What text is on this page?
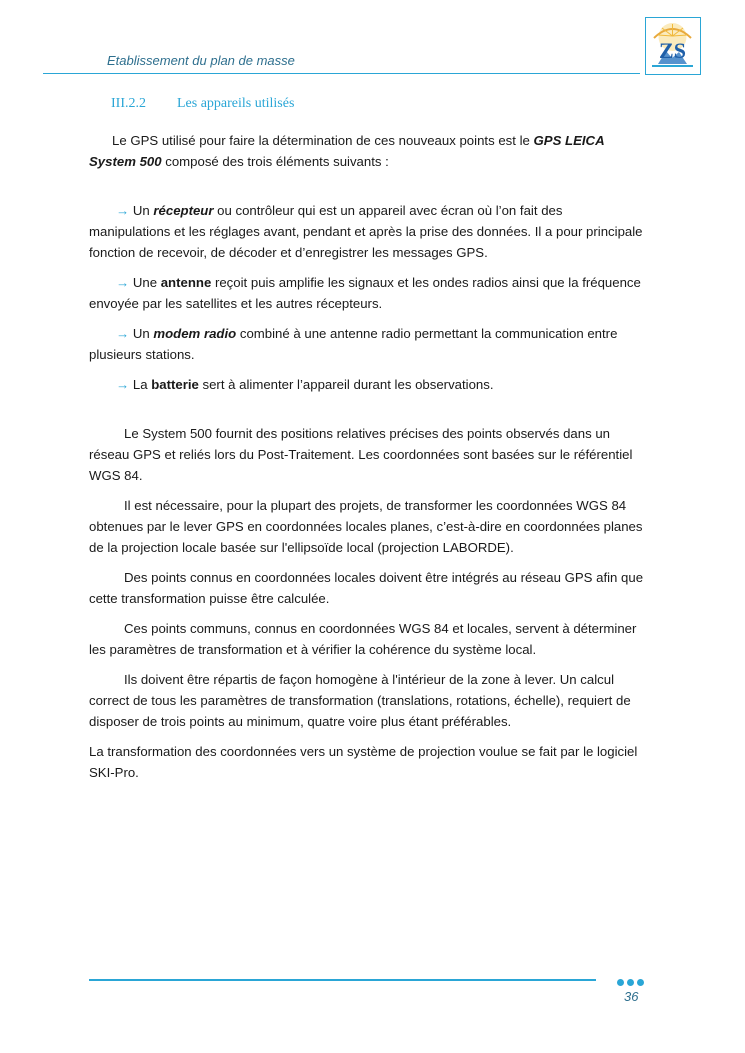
Etablissement du plan de masse	ZS
III.2.2 Les appareils utilisés

Le GPS utilisé pour faire la détermination de ces nouveaux points est le GPS LEICA System 500 composé des trois éléments suivants :

→ Un récepteur ou contrôleur qui est un appareil avec écran où l’on fait des manipulations et les réglages avant, pendant et après la prise des données. Il a pour principale fonction de recevoir, de décoder et d’enregistrer les messages GPS.

→ Une antenne reçoit puis amplifie les signaux et les ondes radios ainsi que la fréquence envoyée par les satellites et les autres récepteurs.

→ Un modem radio combiné à une antenne radio permettant la communication entre plusieurs stations.

→ La batterie sert à alimenter l’appareil durant les observations.

Le System 500 fournit des positions relatives précises des points observés dans un réseau GPS et reliés lors du Post-Traitement. Les coordonnées sont basées sur le référentiel WGS 84.

Il est nécessaire, pour la plupart des projets, de transformer les coordonnées WGS 84 obtenues par le lever GPS en coordonnées locales planes, c’est-à-dire en coordonnées planes de la projection locale basée sur l'ellipsoïde local (projection LABORDE).

Des points connus en coordonnées locales doivent être intégrés au réseau GPS afin que cette transformation puisse être calculée.

Ces points communs, connus en coordonnées WGS 84 et locales, servent à déterminer les paramètres de transformation et à vérifier la cohérence du système local.

Ils doivent être répartis de façon homogène à l'intérieur de la zone à lever. Un calcul correct de tous les paramètres de transformation (translations, rotations, échelle), requiert de disposer de trois points au minimum, quatre voire plus étant préférables.

La transformation des coordonnées vers un système de projection voulue se fait par le logiciel SKI-Pro.

36
